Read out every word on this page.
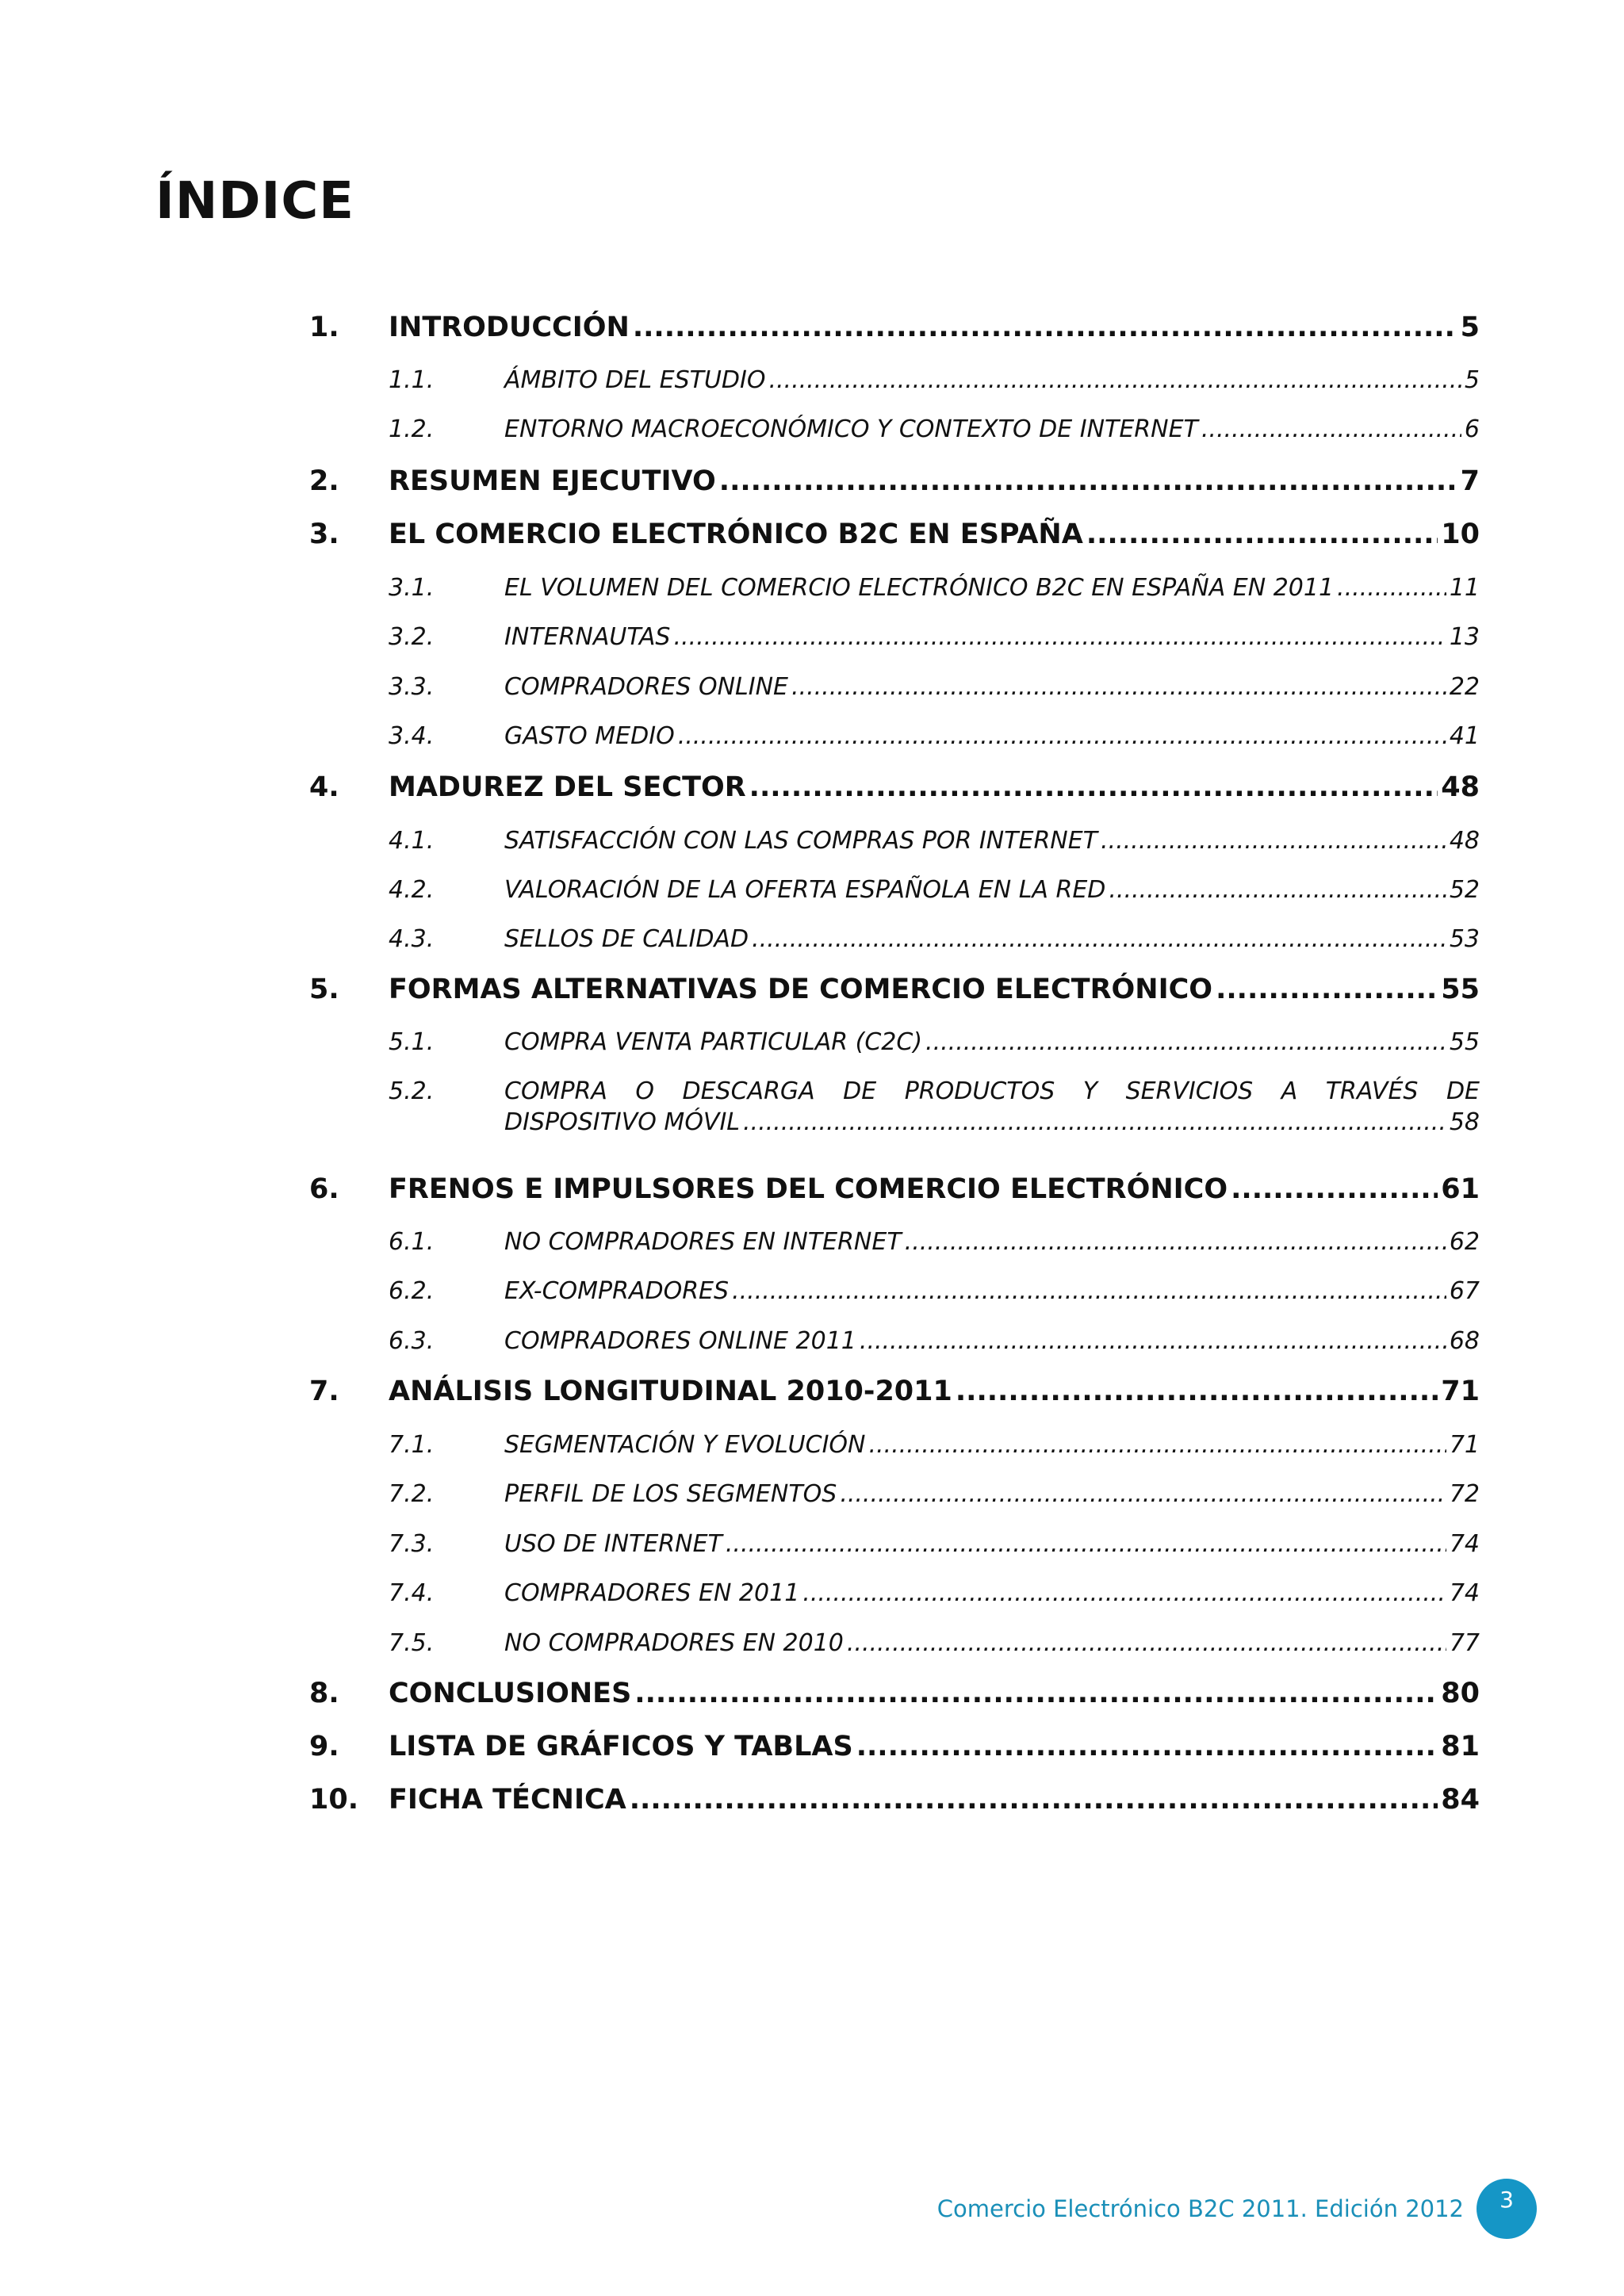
ÍNDICE
1.	INTRODUCCIÓN .....	5
1.1.	ÁMBITO DEL ESTUDIO .....	5
1.2.	ENTORNO MACROECONÓMICO Y CONTEXTO DE INTERNET .....	6
2.	RESUMEN EJECUTIVO .....	7
3.	EL COMERCIO ELECTRÓNICO B2C EN ESPAÑA .....	10
3.1.	EL VOLUMEN DEL COMERCIO ELECTRÓNICO B2C EN ESPAÑA EN 2011 .....	11
3.2.	INTERNAUTAS .....	13
3.3.	COMPRADORES ONLINE .....	22
3.4.	GASTO MEDIO .....	41
4.	MADUREZ DEL SECTOR .....	48
4.1.	SATISFACCIÓN CON LAS COMPRAS POR INTERNET .....	48
4.2.	VALORACIÓN DE LA OFERTA ESPAÑOLA EN LA RED .....	52
4.3.	SELLOS DE CALIDAD .....	53
5.	FORMAS ALTERNATIVAS DE COMERCIO ELECTRÓNICO .....	55
5.1.	COMPRA VENTA PARTICULAR (C2C) .....	55
5.2.	COMPRA O DESCARGA DE PRODUCTOS Y SERVICIOS A TRAVÉS DE
DISPOSITIVO MÓVIL .....	58
6.	FRENOS E IMPULSORES DEL COMERCIO ELECTRÓNICO .....	61
6.1.	NO COMPRADORES EN INTERNET .....	62
6.2.	EX-COMPRADORES .....	67
6.3.	COMPRADORES ONLINE 2011 .....	68
7.	ANÁLISIS LONGITUDINAL 2010-2011 .....	71
7.1.	SEGMENTACIÓN Y EVOLUCIÓN .....	71
7.2.	PERFIL DE LOS SEGMENTOS .....	72
7.3.	USO DE INTERNET .....	74
7.4.	COMPRADORES EN 2011 .....	74
7.5.	NO COMPRADORES EN 2010 .....	77
8.	CONCLUSIONES .....	80
9.	LISTA DE GRÁFICOS Y TABLAS .....	81
10.	FICHA TÉCNICA .....	84
Comercio Electrónico B2C 2011. Edición 2012	3
